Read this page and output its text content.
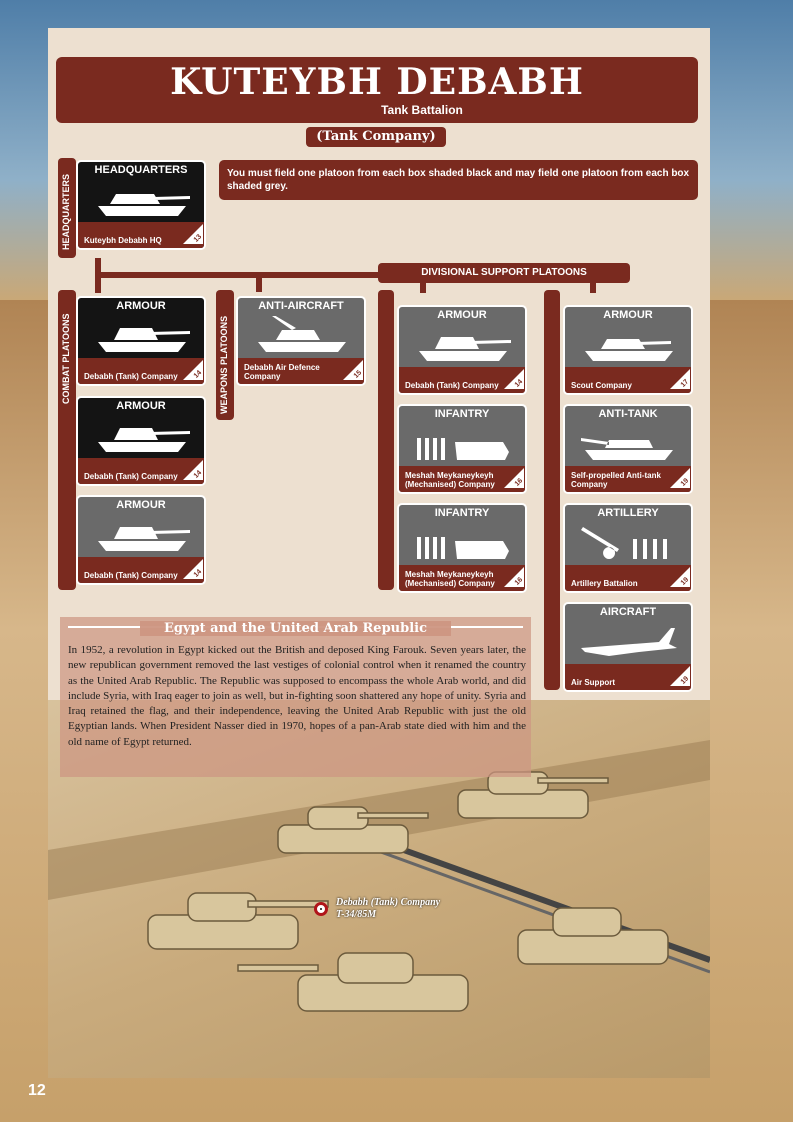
KUTEYBH DEBABH
Tank Battalion
(Tank Company)
You must field one platoon from each box shaded black and may field one platoon from each box shaded grey.
HEADQUARTERS
COMBAT PLATOONS	WEAPONS PLATOONS
DIVISIONAL SUPPORT PLATOONS
HEADQUARTERS
Kuteybh Debabh HQ	13
ARMOUR
Debabh (Tank) Company 14
ARMOUR
Debabh (Tank) Company 14
ARMOUR
Debabh (Tank) Company 14
ANTI-AIRCRAFT
Debabh Air Defence Company	15
ARMOUR
Debabh (Tank) Company 14
INFANTRY
Meshah Meykaneykeyh (Mechanised) Company	16
INFANTRY
Meshah Meykaneykeyh (Mechanised) Company	16
ARMOUR
Scout Company	17
ANTI-TANK
Self-propelled Anti-tank Company	19
ARTILLERY
Artillery Battalion	19
AIRCRAFT
Air Support	19
Egypt and the United Arab Republic
In 1952, a revolution in Egypt kicked out the British and deposed King Farouk. Seven years later, the new republican government removed the last vestiges of colonial control when it renamed the country as the United Arab Republic. The Republic was supposed to encompass the whole Arab world, and did include Syria, with Iraq eager to join as well, but in-fighting soon shattered any hope of unity. Syria and Iraq retained the flag, and their independence, leaving the United Arab Republic with just the old Egyptian lands. When President Nasser died in 1970, hopes of a pan-Arab state died with him and the old name of Egypt returned.
Debabh (Tank) Company
T-34/85M
12
